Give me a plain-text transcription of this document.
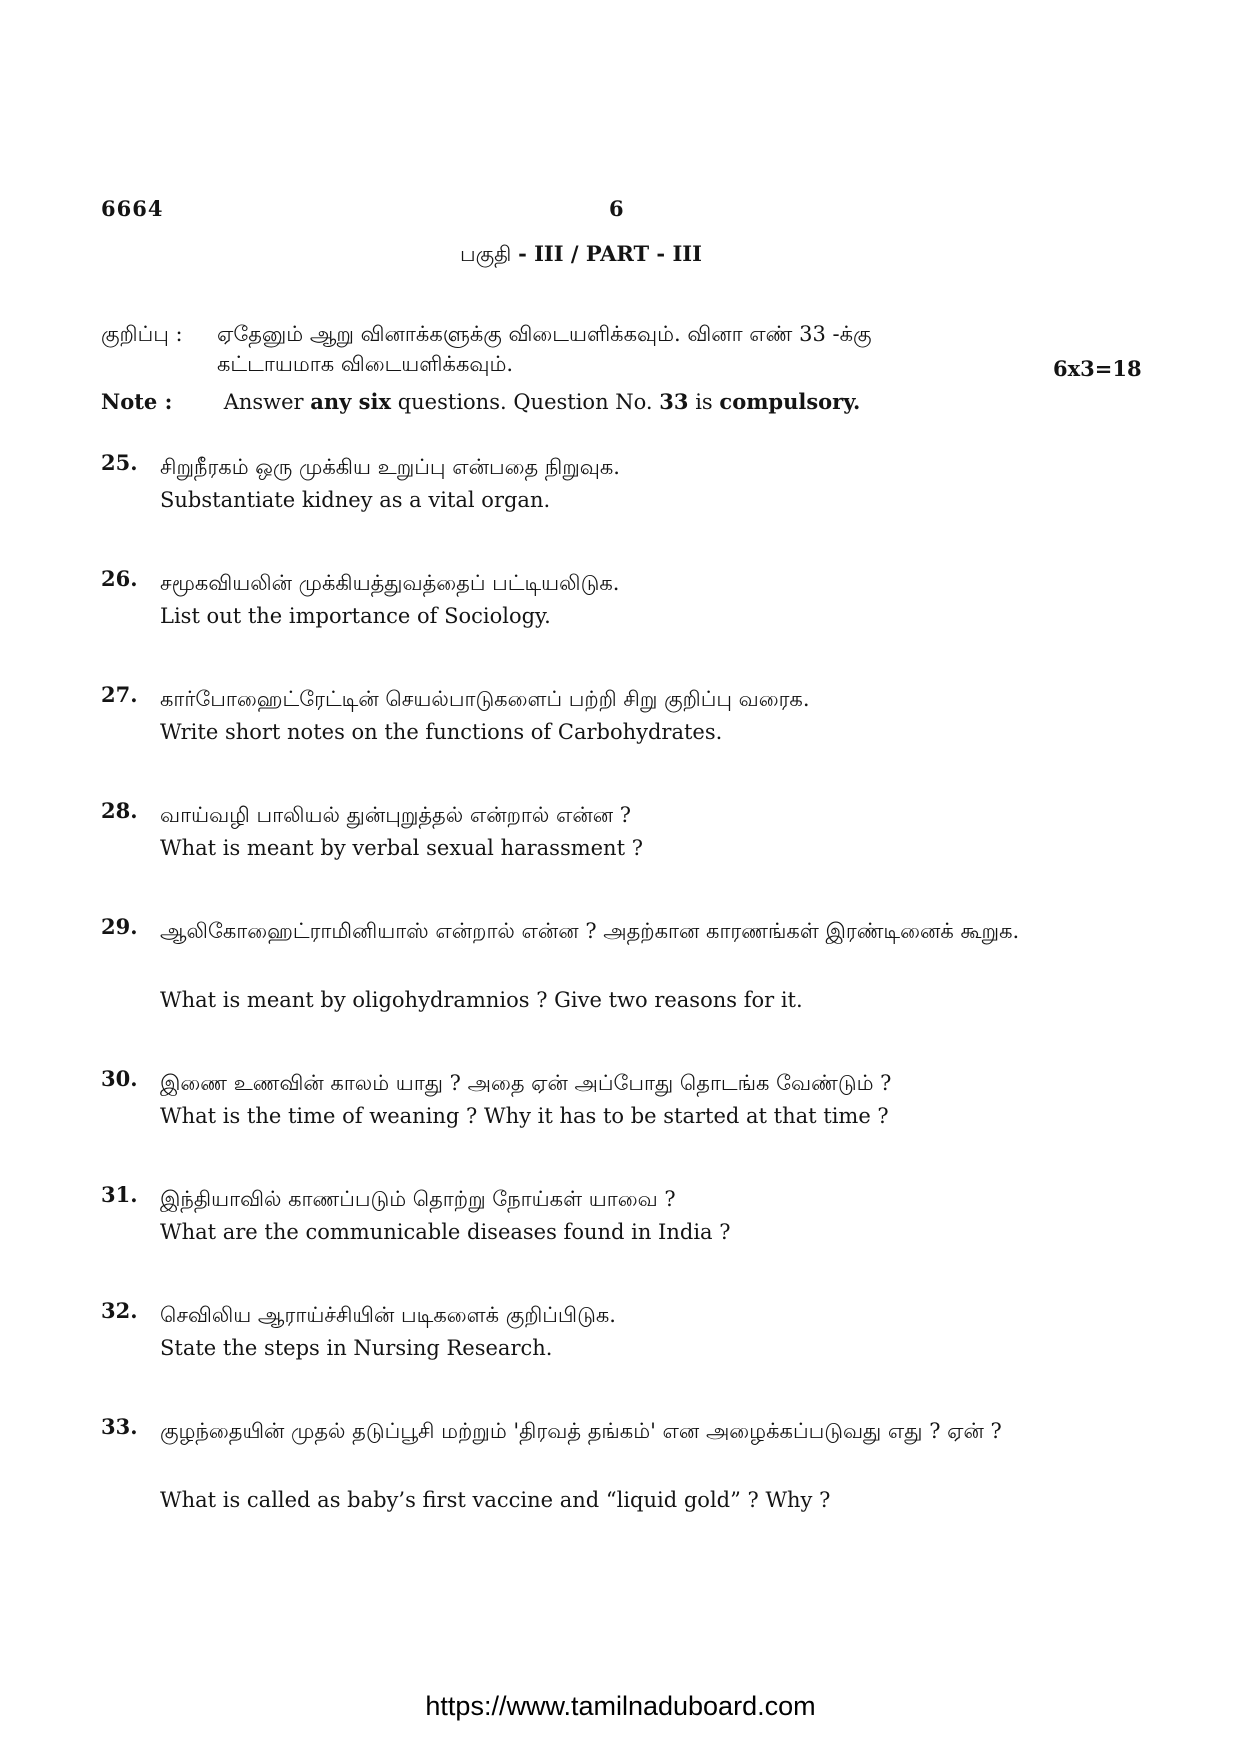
6664	6
பகுதி - III / PART - III
குறிப்பு : ஏதேனும் ஆறு வினாக்களுக்கு விடையளிக்கவும். வினா எண் 33 -க்கு
கட்டாயமாக விடையளிக்கவும்.	6x3=18
Note : Answer any six questions. Question No. 33 is compulsory.
25. சிறுநீரகம் ஒரு முக்கிய உறுப்பு என்பதை நிறுவுக.
Substantiate kidney as a vital organ.
26. சமூகவியலின் முக்கியத்துவத்தைப் பட்டியலிடுக.
List out the importance of Sociology.
27. கார்போஹைட்ரேட்டின் செயல்பாடுகளைப் பற்றி சிறு குறிப்பு வரைக.
Write short notes on the functions of Carbohydrates.
28. வாய்வழி பாலியல் துன்புறுத்தல் என்றால் என்ன ?
What is meant by verbal sexual harassment ?
29. ஆலிகோஹைட்ராமினியாஸ் என்றால் என்ன ? அதற்கான காரணங்கள் இரண்டினைக் கூறுக.
What is meant by oligohydramnios ? Give two reasons for it.
30. இணை உணவின் காலம் யாது ? அதை ஏன் அப்போது தொடங்க வேண்டும் ?
What is the time of weaning ? Why it has to be started at that time ?
31. இந்தியாவில் காணப்படும் தொற்று நோய்கள் யாவை ?
What are the communicable diseases found in India ?
32. செவிலிய ஆராய்ச்சியின் படிகளைக் குறிப்பிடுக.
State the steps in Nursing Research.
33. குழந்தையின் முதல் தடுப்பூசி மற்றும் 'திரவத் தங்கம்' என அழைக்கப்படுவது எது ? ஏன் ?
What is called as baby’s first vaccine and “liquid gold” ? Why ?
https://www.tamilnaduboard.com
